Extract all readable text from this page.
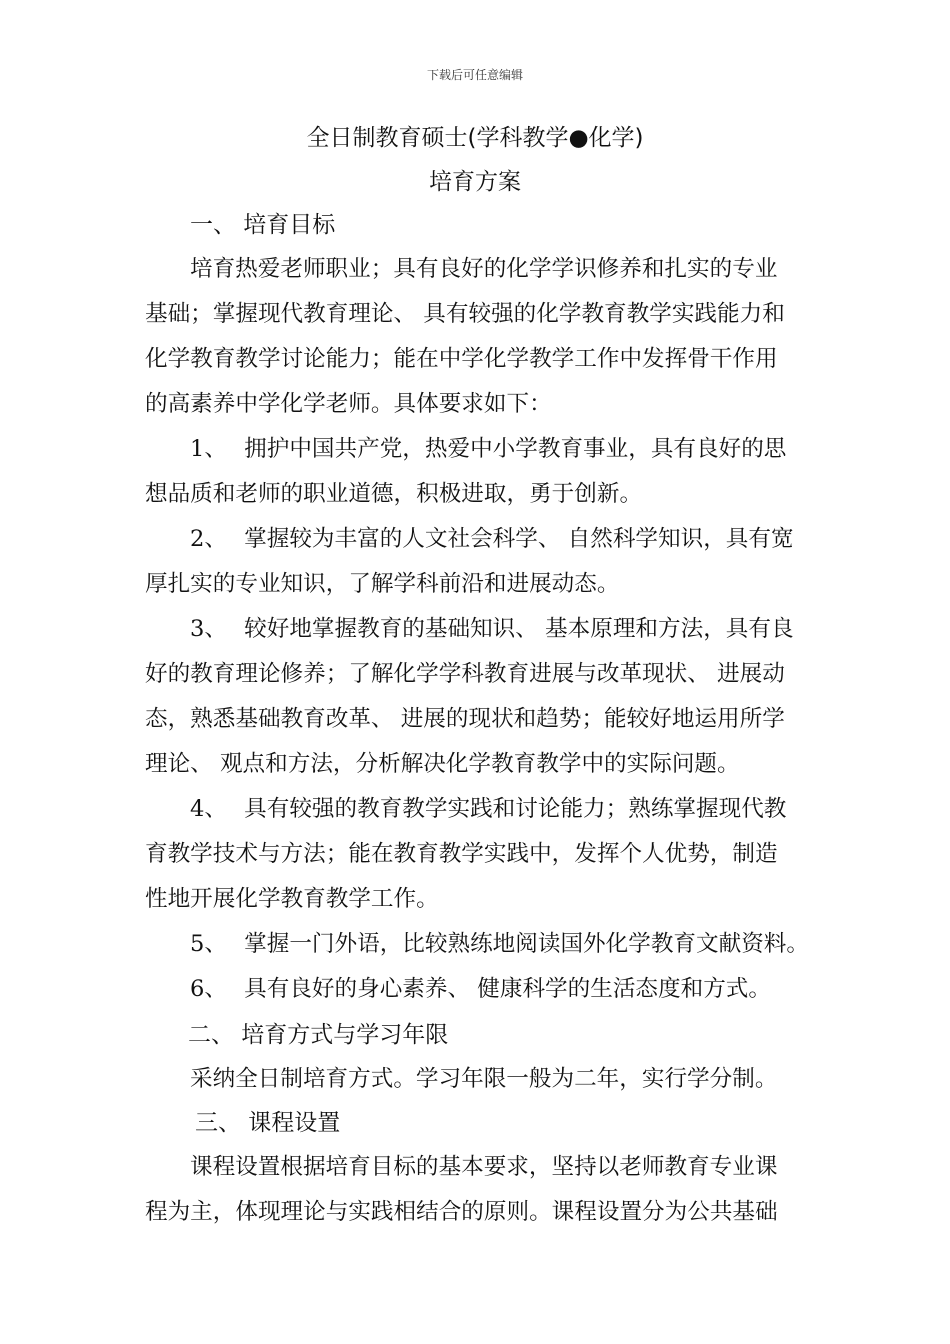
下载后可任意编辑
全日制教育硕士(学科教学●化学)
培育方案
一、 培育目标
培育热爱老师职业；具有良好的化学学识修养和扎实的专业
基础；掌握现代教育理论、 具有较强的化学教育教学实践能力和
化学教育教学讨论能力；能在中学化学教学工作中发挥骨干作用
的高素养中学化学老师。具体要求如下：
1、 拥护中国共产党，热爱中小学教育事业，具有良好的思
想品质和老师的职业道德，积极进取，勇于创新。
2、 掌握较为丰富的人文社会科学、 自然科学知识，具有宽
厚扎实的专业知识，了解学科前沿和进展动态。
3、 较好地掌握教育的基础知识、 基本原理和方法，具有良
好的教育理论修养；了解化学学科教育进展与改革现状、 进展动
态，熟悉基础教育改革、 进展的现状和趋势；能较好地运用所学
理论、 观点和方法，分析解决化学教育教学中的实际问题。
4、 具有较强的教育教学实践和讨论能力；熟练掌握现代教
育教学技术与方法；能在教育教学实践中，发挥个人优势，制造
性地开展化学教育教学工作。
5、 掌握一门外语，比较熟练地阅读国外化学教育文献资料。
6、 具有良好的身心素养、 健康科学的生活态度和方式。
二、 培育方式与学习年限
采纳全日制培育方式。学习年限一般为二年，实行学分制。
三、 课程设置
课程设置根据培育目标的基本要求，坚持以老师教育专业课
程为主，体现理论与实践相结合的原则。课程设置分为公共基础
